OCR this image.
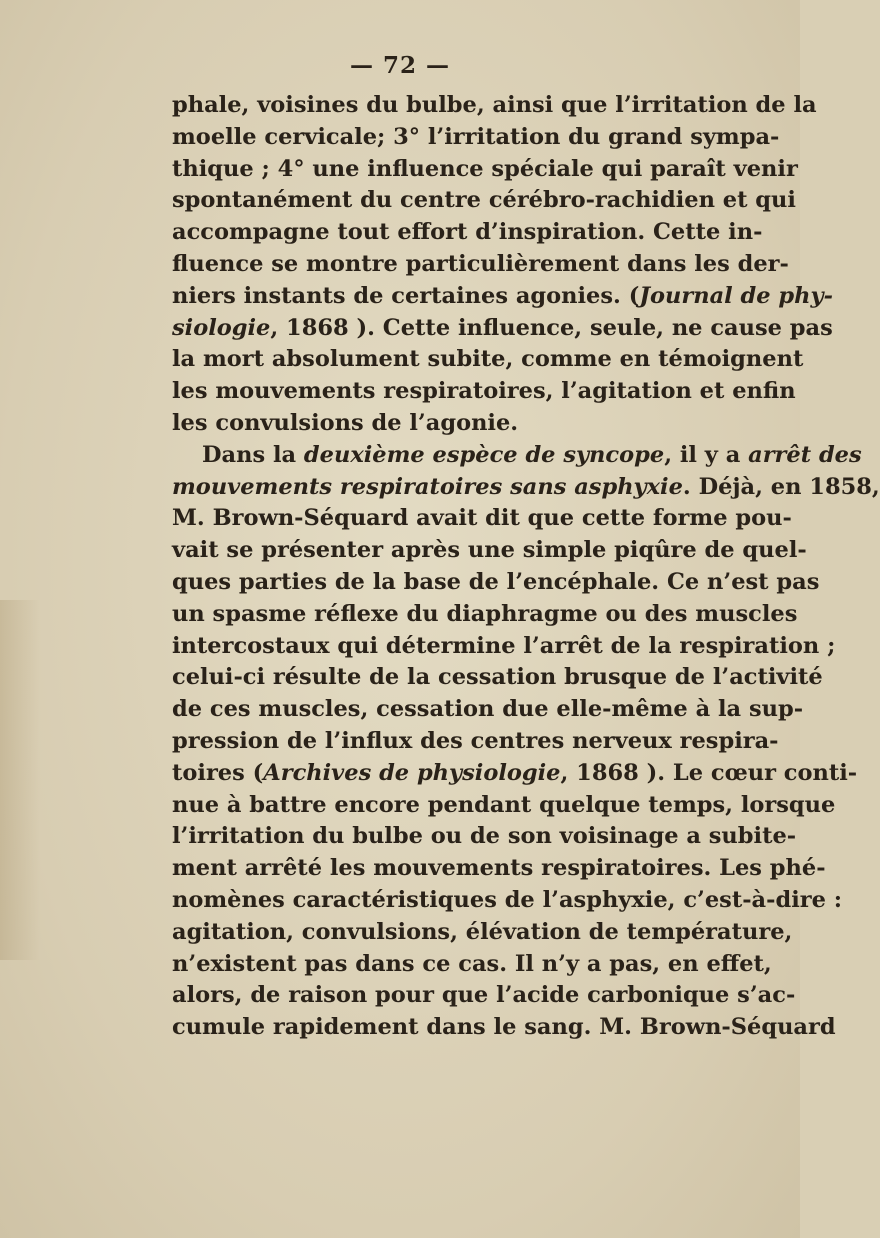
— 72 —
phale, voisines du bulbe, ainsi que l’irritation de la
moelle cervicale; 3° l’irritation du grand sympa-
thique ; 4° une influence spéciale qui paraît venir
spontanément du centre cérébro-rachidien et qui
accompagne tout effort d’inspiration. Cette in-
fluence se montre particulièrement dans les der-
niers instants de certaines agonies. (Journal de phy-
siologie, 1868 ). Cette influence, seule, ne cause pas
la mort absolument subite, comme en témoignent
les mouvements respiratoires, l’agitation et enfin
les convulsions de l’agonie.
Dans la deuxième espèce de syncope, il y a arrêt des
mouvements respiratoires sans asphyxie. Déjà, en 1858,
M. Brown-Séquard avait dit que cette forme pou-
vait se présenter après une simple piqûre de quel-
ques parties de la base de l’encéphale. Ce n’est pas
un spasme réflexe du diaphragme ou des muscles
intercostaux qui détermine l’arrêt de la respiration ;
celui-ci résulte de la cessation brusque de l’activité
de ces muscles, cessation due elle-même à la sup-
pression de l’influx des centres nerveux respira-
toires (Archives de physiologie, 1868 ). Le cœur conti-
nue à battre encore pendant quelque temps, lorsque
l’irritation du bulbe ou de son voisinage a subite-
ment arrêté les mouvements respiratoires. Les phé-
nomènes caractéristiques de l’asphyxie, c’est-à-dire :
agitation, convulsions, élévation de température,
n’existent pas dans ce cas. Il n’y a pas, en effet,
alors, de raison pour que l’acide carbonique s’ac-
cumule rapidement dans le sang. M. Brown-Séquard
